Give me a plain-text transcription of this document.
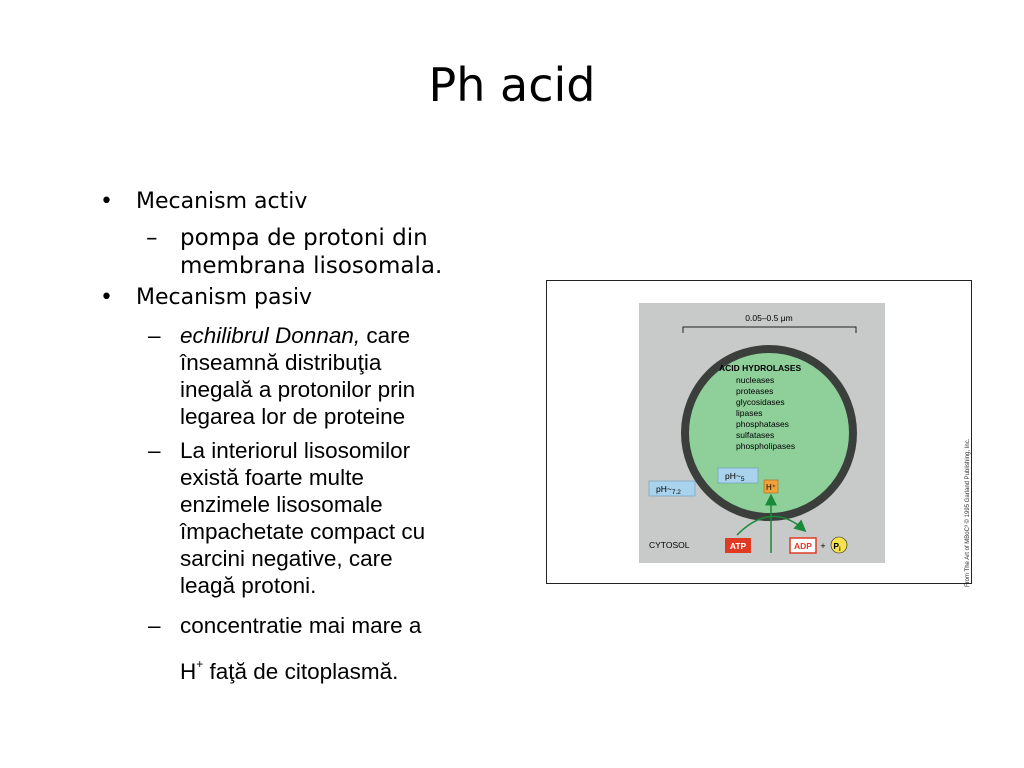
Ph acid
• Mecanism activ
– pompa de protoni din
membrana lisosomala.
• Mecanism pasiv
– echilibrul Donnan, care
înseamnă distribuţia
inegală a protonilor prin
legarea lor de proteine
– La interiorul lisosomilor
există foarte multe
enzimele lisosomale
împachetate compact cu
sarcini negative, care
leagă protoni.
– concentratie mai mare a
H+ faţă de citoplasmă.
0.05–0.5 μm
ACID HYDROLASES
nucleases
proteases
glycosidases
lipases
phosphatases
sulfatases
phospholipases
$pH\sim_5$
$pH\sim_{7.2}$
H⁺
CYTOSOL	ATP	ADP + $P_i$	From The Art of MBoC³ © 1995 Garland Publishing, Inc.
